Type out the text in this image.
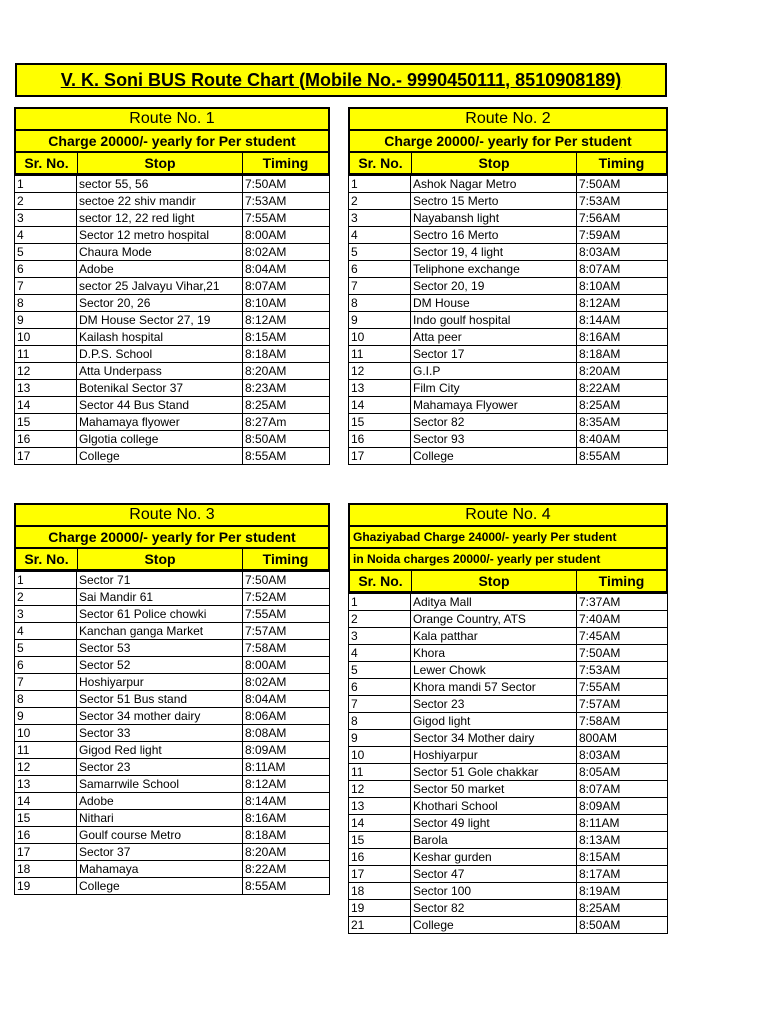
V. K. Soni BUS Route Chart (Mobile No.- 9990450111, 8510908189)
Route No. 1
Charge 20000/- yearly for Per student
Sr. No.	Stop	Timing
1	sector 55, 56	7:50AM
2	sectoe 22 shiv mandir	7:53AM
3	sector 12, 22 red light	7:55AM
4	Sector 12 metro hospital	8:00AM
5	Chaura Mode	8:02AM
6	Adobe	8:04AM
7	sector 25 Jalvayu Vihar,21	8:07AM
8	Sector 20, 26	8:10AM
9	DM House Sector 27, 19	8:12AM
10	Kailash hospital	8:15AM
11	D.P.S. School	8:18AM
12	Atta Underpass	8:20AM
13	Botenikal Sector 37	8:23AM
14	Sector 44 Bus Stand	8:25AM
15	Mahamaya flyower	8:27Am
16	Glgotia college	8:50AM
17	College	8:55AM
Route No. 2
Charge 20000/- yearly for Per student
Sr. No.	Stop	Timing
1	Ashok Nagar Metro	7:50AM
2	Sectro 15 Merto	7:53AM
3	Nayabansh light	7:56AM
4	Sectro 16 Merto	7:59AM
5	Sector 19, 4 light	8:03AM
6	Teliphone exchange	8:07AM
7	Sector 20, 19	8:10AM
8	DM House	8:12AM
9	Indo goulf hospital	8:14AM
10	Atta peer	8:16AM
11	Sector 17	8:18AM
12	G.I.P	8:20AM
13	Film City	8:22AM
14	Mahamaya Flyower	8:25AM
15	Sector 82	8:35AM
16	Sector 93	8:40AM
17	College	8:55AM
Route No. 3
Charge 20000/- yearly for Per student
Sr. No.	Stop	Timing
1	Sector 71	7:50AM
2	Sai Mandir 61	7:52AM
3	Sector 61 Police chowki	7:55AM
4	Kanchan ganga Market	7:57AM
5	Sector 53	7:58AM
6	Sector 52	8:00AM
7	Hoshiyarpur	8:02AM
8	Sector 51 Bus stand	8:04AM
9	Sector 34 mother dairy	8:06AM
10	Sector 33	8:08AM
11	Gigod Red light	8:09AM
12	Sector 23	8:11AM
13	Samarrwile School	8:12AM
14	Adobe	8:14AM
15	Nithari	8:16AM
16	Goulf course Metro	8:18AM
17	Sector 37	8:20AM
18	Mahamaya	8:22AM
19	College	8:55AM
Route No. 4
Ghaziyabad Charge 24000/- yearly Per student
in Noida charges 20000/- yearly per student
Sr. No.	Stop	Timing
1	Aditya Mall	7:37AM
2	Orange Country, ATS	7:40AM
3	Kala patthar	7:45AM
4	Khora	7:50AM
5	Lewer Chowk	7:53AM
6	Khora mandi 57 Sector	7:55AM
7	Sector 23	7:57AM
8	Gigod light	7:58AM
9	Sector 34 Mother dairy	800AM
10	Hoshiyarpur	8:03AM
11	Sector 51 Gole chakkar	8:05AM
12	Sector 50 market	8:07AM
13	Khothari School	8:09AM
14	Sector 49 light	8:11AM
15	Barola	8:13AM
16	Keshar gurden	8:15AM
17	Sector 47	8:17AM
18	Sector 100	8:19AM
19	Sector 82	8:25AM
21	College	8:50AM
